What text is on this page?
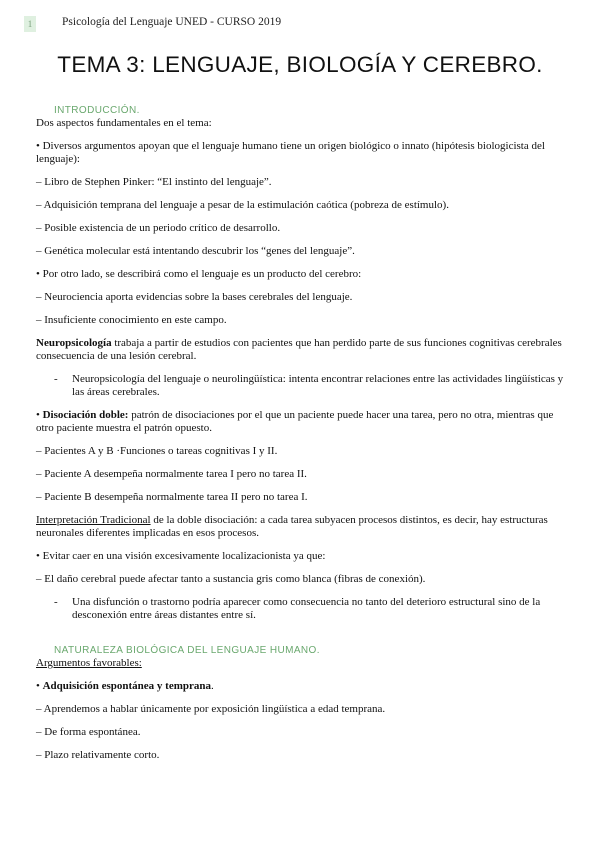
1	Psicología del Lenguaje UNED - CURSO 2019
TEMA 3: LENGUAJE, BIOLOGÍA Y CEREBRO.
INTRODUCCIÓN.

Dos aspectos fundamentales en el tema:

• Diversos argumentos apoyan que el lenguaje humano tiene un origen biológico o innato (hipótesis biologicista del lenguaje):

– Libro de Stephen Pinker: “El instinto del lenguaje”.

– Adquisición temprana del lenguaje a pesar de la estimulación caótica (pobreza de estímulo).

– Posible existencia de un periodo crítico de desarrollo.

– Genética molecular está intentando descubrir los “genes del lenguaje”.

• Por otro lado, se describirá como el lenguaje es un producto del cerebro:

– Neurociencia aporta evidencias sobre la bases cerebrales del lenguaje.

– Insuficiente conocimiento en este campo.

Neuropsicología trabaja a partir de estudios con pacientes que han perdido parte de sus funciones cognitivas cerebrales consecuencia de una lesión cerebral.

- Neuropsicología del lenguaje o neurolingüística: intenta encontrar relaciones entre las actividades lingüísticas y las áreas cerebrales.

• Disociación doble: patrón de disociaciones por el que un paciente puede hacer una tarea, pero no otra, mientras que otro paciente muestra el patrón opuesto.

– Pacientes A y B ·Funciones o tareas cognitivas I y II.

– Paciente A desempeña normalmente tarea I pero no tarea II.

– Paciente B desempeña normalmente tarea II pero no tarea I.

Interpretación Tradicional de la doble disociación: a cada tarea subyacen procesos distintos, es decir, hay estructuras neuronales diferentes implicadas en esos procesos.

• Evitar caer en una visión excesivamente localizacionista ya que:

– El daño cerebral puede afectar tanto a sustancia gris como blanca (fibras de conexión).

- Una disfunción o trastorno podría aparecer como consecuencia no tanto del deterioro estructural sino de la desconexión entre áreas distantes entre sí.

NATURALEZA BIOLÓGICA DEL LENGUAJE HUMANO.

Argumentos favorables:

• Adquisición espontánea y temprana.

– Aprendemos a hablar únicamente por exposición lingüística a edad temprana.

– De forma espontánea.

– Plazo relativamente corto.
